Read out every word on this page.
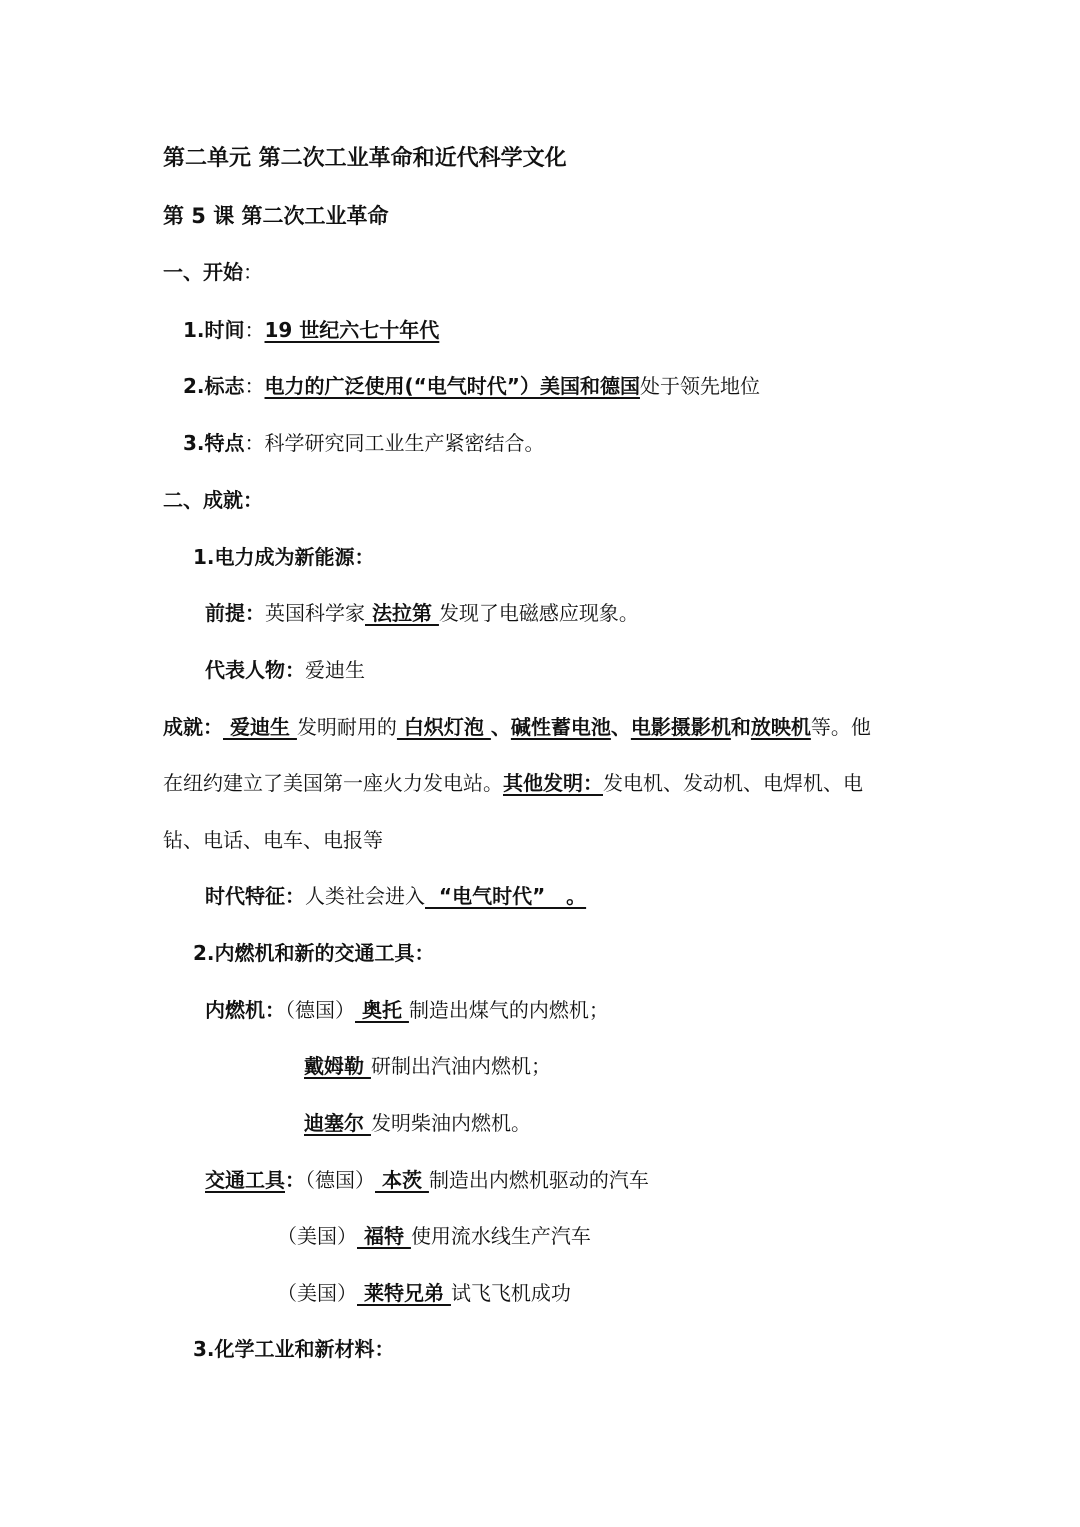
第二单元 第二次工业革命和近代科学文化
第 5 课 第二次工业革命
一、开始：
1.时间：19 世纪六七十年代
2.标志：电力的广泛使用(“电气时代”）美国和德国处于领先地位
3.特点：科学研究同工业生产紧密结合。
二、成就：
1.电力成为新能源：
前提：英国科学家 法拉第 发现了电磁感应现象。
代表人物：爱迪生
成就： 爱迪生 发明耐用的 白炽灯泡 、碱性蓄电池、电影摄影机和放映机等。他
在纽约建立了美国第一座火力发电站。其他发明：发电机、发动机、电焊机、电
钻、电话、电车、电报等
时代特征：人类社会进入  “电气时代”   。
2.内燃机和新的交通工具：
内燃机：（德国） 奥托 制造出煤气的内燃机；
戴姆勒 研制出汽油内燃机；
迪塞尔 发明柴油内燃机。
交通工具：（德国） 本茨 制造出内燃机驱动的汽车
（美国） 福特 使用流水线生产汽车
（美国） 莱特兄弟 试飞飞机成功
3.化学工业和新材料：
